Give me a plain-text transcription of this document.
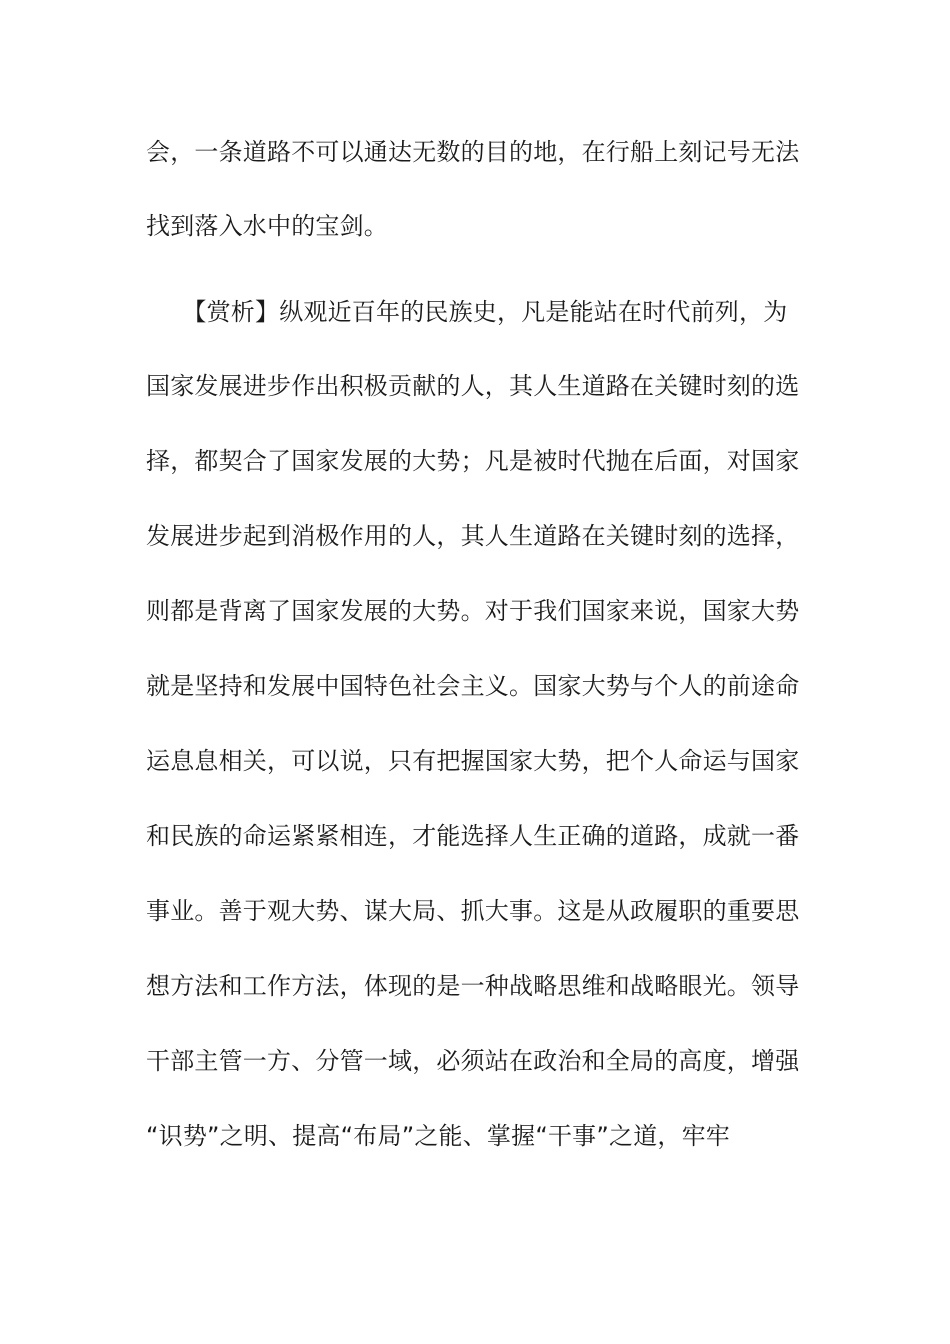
会，一条道路不可以通达无数的目的地，在行船上刻记号无法
找到落入水中的宝剑。
　　【赏析】纵观近百年的民族史，凡是能站在时代前列，为
国家发展进步作出积极贡献的人，其人生道路在关键时刻的选
择，都契合了国家发展的大势；凡是被时代抛在后面，对国家
发展进步起到消极作用的人，其人生道路在关键时刻的选择，
则都是背离了国家发展的大势。对于我们国家来说，国家大势
就是坚持和发展中国特色社会主义。国家大势与个人的前途命
运息息相关，可以说，只有把握国家大势，把个人命运与国家
和民族的命运紧紧相连，才能选择人生正确的道路，成就一番
事业。善于观大势、谋大局、抓大事。这是从政履职的重要思
想方法和工作方法，体现的是一种战略思维和战略眼光。领导
干部主管一方、分管一域，必须站在政治和全局的高度，增强
“识势”之明、提高“布局”之能、掌握“干事”之道，牢牢
